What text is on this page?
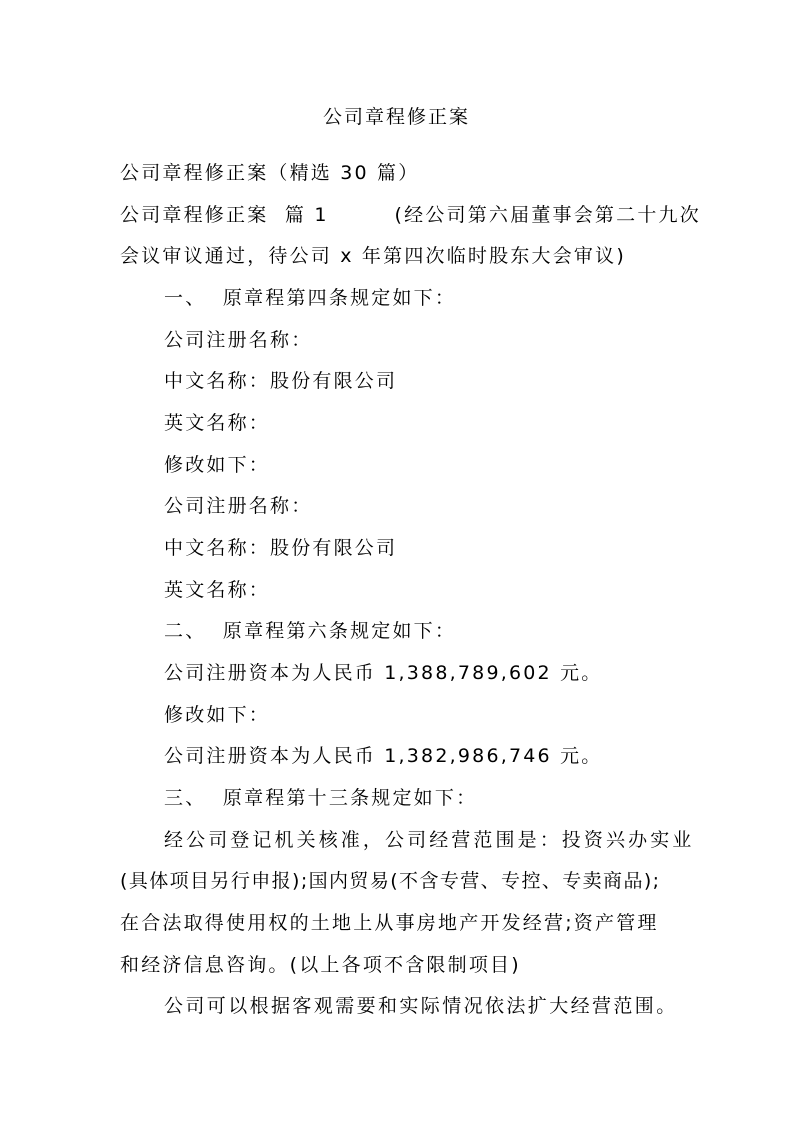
公司章程修正案
公司章程修正案（精选 30 篇）
公司章程修正案  篇 1        (经公司第六届董事会第二十九次
会议审议通过，待公司 x 年第四次临时股东大会审议)
一、  原章程第四条规定如下：
公司注册名称：
中文名称：股份有限公司
英文名称：
修改如下：
公司注册名称：
中文名称：股份有限公司
英文名称：
二、  原章程第六条规定如下：
公司注册资本为人民币 1,388,789,602 元。
修改如下：
公司注册资本为人民币 1,382,986,746 元。
三、  原章程第十三条规定如下：
经公司登记机关核准，公司经营范围是：投资兴办实业
(具体项目另行申报);国内贸易(不含专营、专控、专卖商品);
在合法取得使用权的土地上从事房地产开发经营;资产管理
和经济信息咨询。(以上各项不含限制项目)
公司可以根据客观需要和实际情况依法扩大经营范围。
